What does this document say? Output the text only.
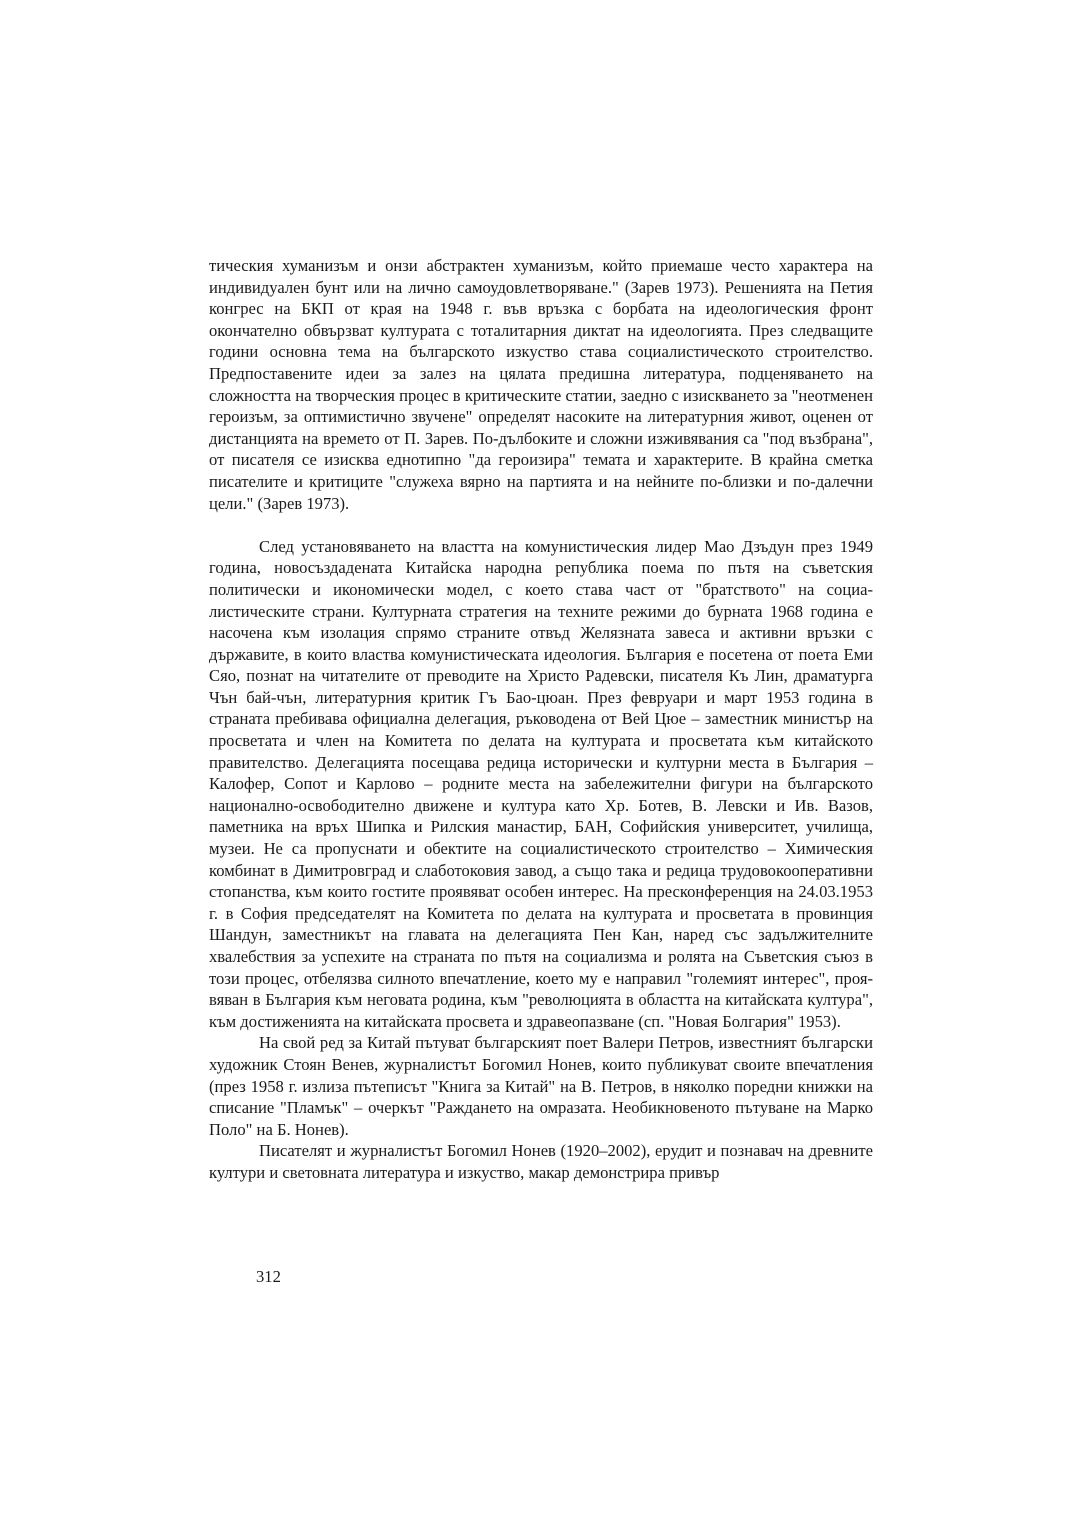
тическия хуманизъм и онзи абстрактен хуманизъм, който приемаше често характера на индивидуален бунт или на лично самоудовлетворяване." (Зарев 1973). Решенията на Петия конгрес на БКП от края на 1948 г. във връзка с борбата на идеологическия фронт окончателно обвързват културата с тоталитарния диктат на идеологията. През следващите години основна тема на българското изкуство става социалистическото строителство. Предпоставените идеи за залез на цялата предишна литература, подценяването на сложността на творческия процес в критическите статии, заедно с изискването за "неотменен героизъм, за оптимистично звучене" определят насоките на литературния живот, оценен от дистанцията на времето от П. Зарев. По-дълбоките и сложни изживявания са "под възбрана", от писателя се изисква еднотипно "да героизира" темата и характерите. В крайна сметка писателите и критиците "служеха вярно на партията и на нейните по-близки и по-далечни цели." (Зарев 1973).

След установяването на властта на комунистическия лидер Мао Дзъдун през 1949 година, новосъздадената Китайска народна република поема по пътя на съветския политически и икономически модел, с което става част от "братството" на социалистическите страни. Културната стратегия на техните режими до бурната 1968 година е насочена към изолация спрямо страните отвъд Желязната завеса и активни връзки с държавите, в които властва комунистическата идеология. България е посетена от поета Еми Сяо, познат на читателите от преводите на Христо Радевски, писателя Къ Лин, драматурга Чън бай-чън, литературния критик Гъ Бао-цюан. През февруари и март 1953 година в страната пребивава официална делегация, ръководена от Вей Цюе – заместник министър на просветата и член на Комитета по делата на културата и просветата към китайското правителство. Делегацията посещава редица исторически и културни места в България – Калофер, Сопот и Карлово – родните места на забележителни фигури на българското национално-освободително движене и култура като Хр. Ботев, В. Левски и Ив. Вазов, паметника на връх Шипка и Рилския манастир, БАН, Софийския университет, училища, музеи. Не са пропуснати и обектите на социалистическото строителство – Химическия комбинат в Димитровград и слаботоковия завод, а също така и редица трудовокооперативни стопанства, към които гостите проявяват особен интерес. На пресконференция на 24.03.1953 г. в София председателят на Комитета по делата на културата и просветата в провинция Шандун, заместникът на главата на делегацията Пен Кан, наред със задължителните хвалебствия за успехите на страната по пътя на социализма и ролята на Съветския съюз в този процес, отбелязва силното впечатление, което му е направил "големият интерес", проявяван в България към неговата родина, към "революцията в областта на китайската култура", към достиженията на китайската просвета и здравеопазване (сп. "Новая Болгария" 1953).

На свой ред за Китай пътуват българският поет Валери Петров, известният български художник Стоян Венев, журналистът Богомил Нонев, които публикуват своите впечатления (през 1958 г. излиза пътеписът "Книга за Китай" на В. Петров, в няколко поредни книжки на списание "Пламък" – очеркът "Раждането на омразата. Необикновеното пътуване на Марко Поло" на Б. Нонев).

Писателят и журналистът Богомил Нонев (1920–2002), ерудит и познавач на древните култури и световната литература и изкуство, макар демонстрира привър

312
